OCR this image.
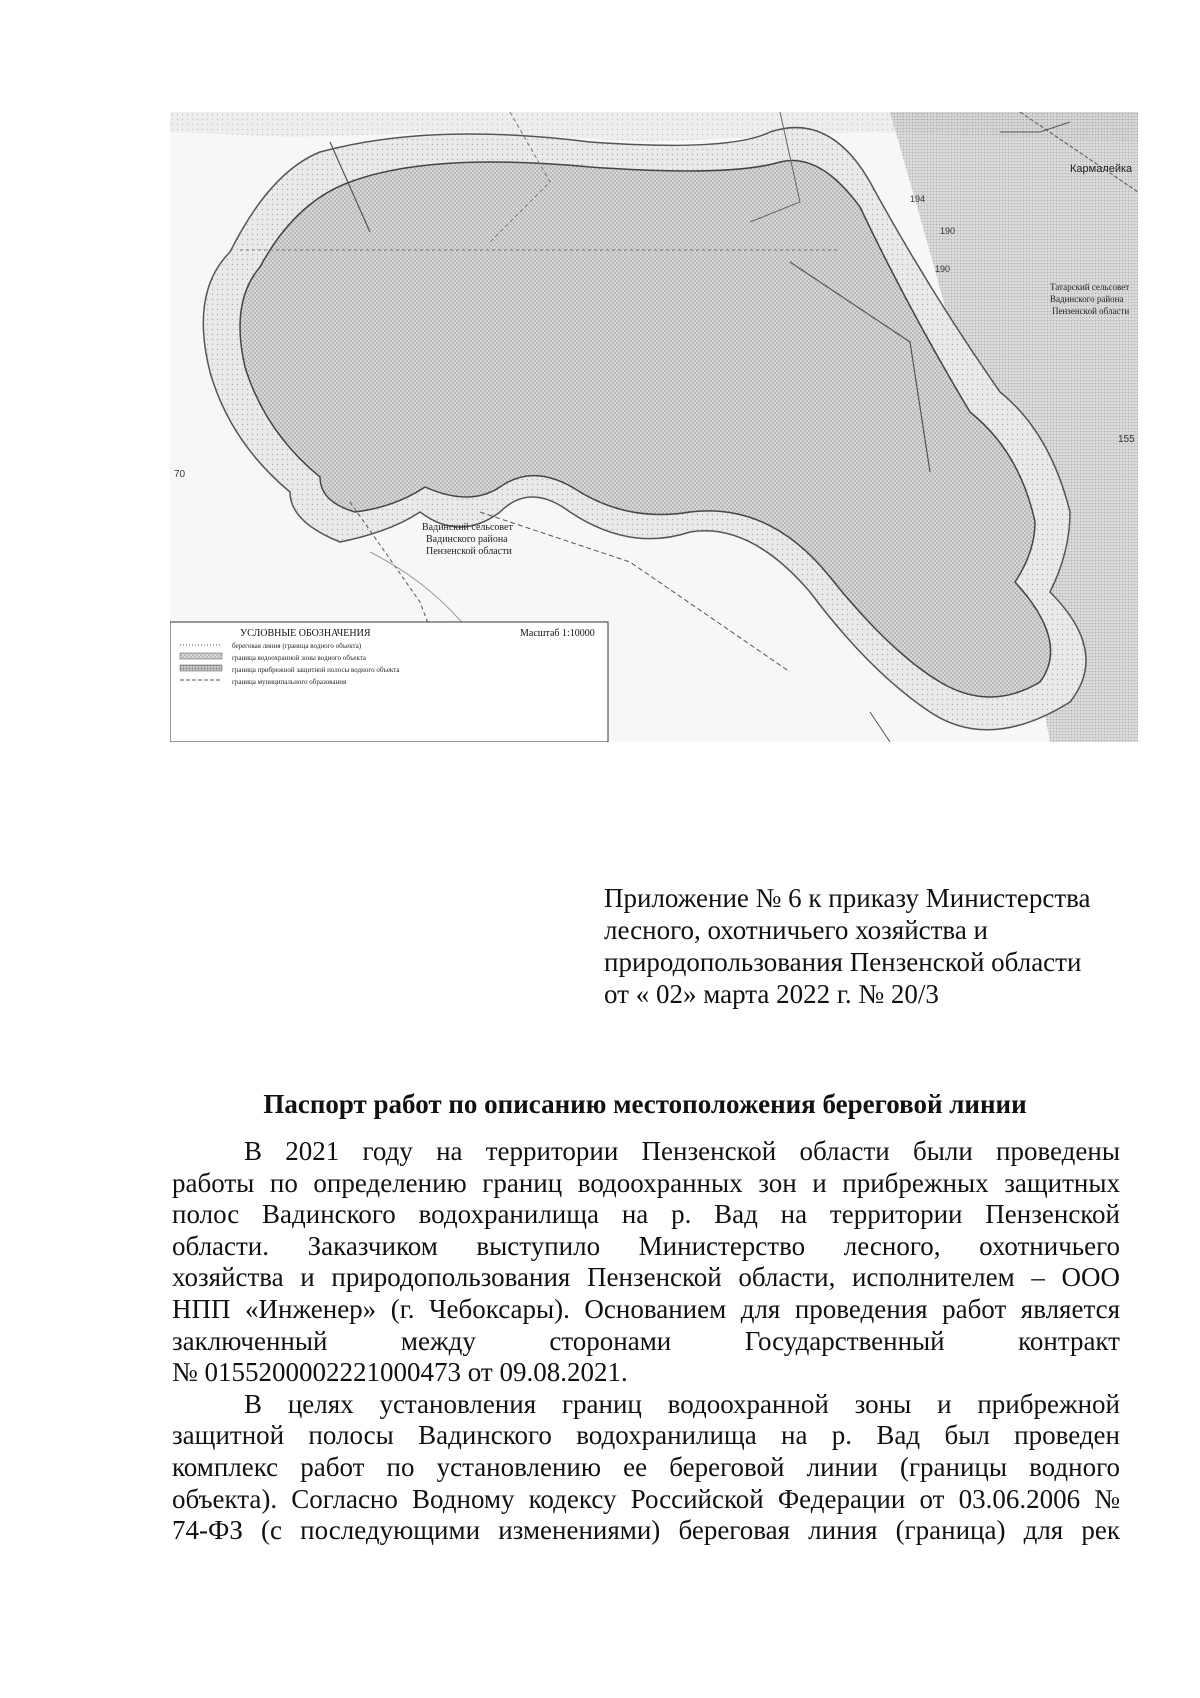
194
190
190
Кармалейка
Татарский сельсовет
Вадинского района
Пензенской области
Вадинский сельсовет
Вадинского района
Пензенской области
70
155
УСЛОВНЫЕ ОБОЗНАЧЕНИЯ
береговая линия (граница водного объекта)
граница водоохранной зоны водного объекта
граница прибрежной защитной полосы водного объекта
граница муниципального образования
Масштаб 1:10000
Приложение № 6 к приказу Министерства
лесного, охотничьего хозяйства и
природопользования Пензенской области
от « 02» марта 2022 г. № 20/3
Паспорт работ по описанию местоположения береговой линии
В 2021 году на территории Пензенской области были проведены
работы по определению границ водоохранных зон и прибрежных защитных
полос Вадинского водохранилища на р. Вад на территории Пензенской
области. Заказчиком выступило Министерство лесного, охотничьего
хозяйства и природопользования Пензенской области, исполнителем – ООО
НПП «Инженер» (г. Чебоксары). Основанием для проведения работ является
заключенный между сторонами Государственный контракт
№ 0155200002221000473 от 09.08.2021.
В целях установления границ водоохранной зоны и прибрежной
защитной полосы Вадинского водохранилища на р. Вад был проведен
комплекс работ по установлению ее береговой линии (границы водного
объекта). Согласно Водному кодексу Российской Федерации от 03.06.2006 №
74-ФЗ (с последующими изменениями) береговая линия (граница) для рек
